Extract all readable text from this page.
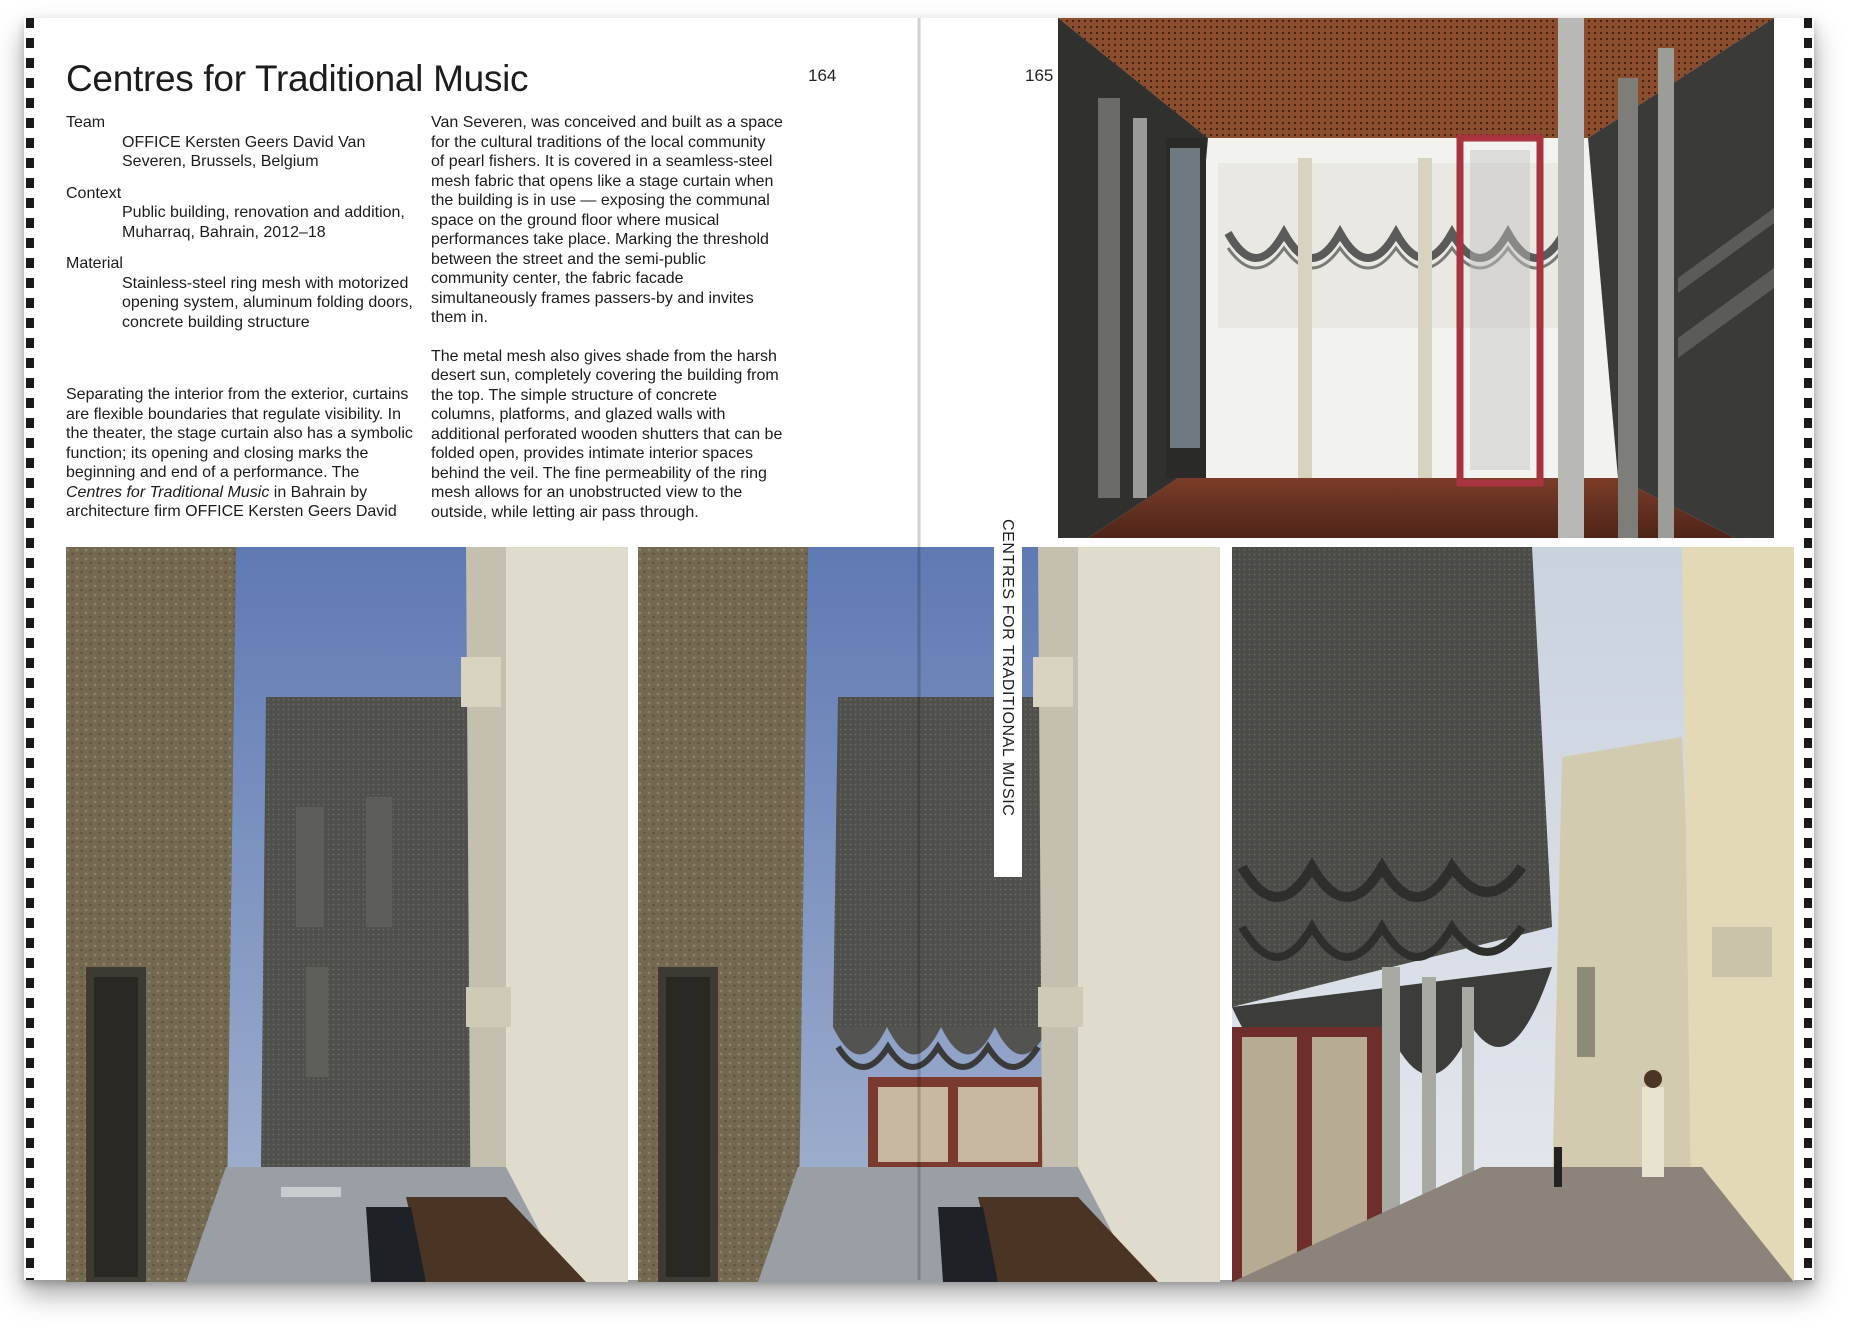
Centres for Traditional Music	164

Team

OFFICE Kersten Geers David Van Severen, Brussels, Belgium

Context

Public building, renovation and addition, Muharraq, Bahrain, 2012–18

Material

Stainless-steel ring mesh with motorized opening system, aluminum folding doors, concrete building structure

Separating the interior from the exterior, curtains are flexible boundaries that regulate visibility. In the theater, the stage curtain also has a symbolic function; its opening and closing marks the beginning and end of a performance. The Centres for Traditional Music in Bahrain by architecture firm OFFICE Kersten Geers David

Van Severen, was conceived and built as a space for the cultural traditions of the local community of pearl fishers. It is covered in a seamless-steel mesh fabric that opens like a stage curtain when the building is in use — exposing the communal space on the ground floor where musical performances take place. Marking the threshold between the street and the semi-public community center, the fabric facade simultaneously frames passers-by and invites them in.

The metal mesh also gives shade from the harsh desert sun, completely covering the building from the top. The simple structure of concrete columns, platforms, and glazed walls with additional perforated wooden shutters that can be folded open, provides intimate interior spaces behind the veil. The fine permeability of the ring mesh allows for an unobstructed view to the outside, while letting air pass through.

165
CENTRES FOR TRADITIONAL MUSIC
